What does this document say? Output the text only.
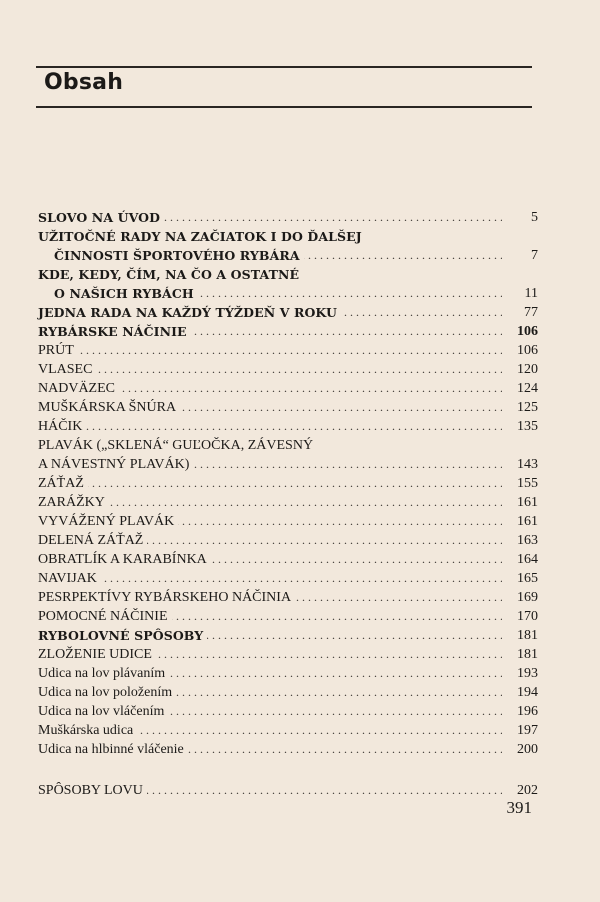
Obsah
. . .
SLOVO NA ÚVOD	5
UŽITOČNÉ RADY NA ZAČIATOK I DO ĎALŠEJ
. . .
ČINNOSTI ŠPORTOVÉHO RYBÁRA	7
KDE, KEDY, ČÍM, NA ČO A OSTATNÉ
. . .
O NAŠICH RYBÁCH	11
. . .
JEDNA RADA NA KAŽDÝ TÝŽDEŇ V ROKU	77
. . .
RYBÁRSKE NÁČINIE	106
. . .
PRÚT	106
. . .
VLASEC	120
. . .
NADVÄZEC	124
. . .
MUŠKÁRSKA ŠNÚRA	125
. . .
HÁČIK	135
PLAVÁK („SKLENÁ“ GUĽOČKA, ZÁVESNÝ
. . .
A NÁVESTNÝ PLAVÁK)	143
. . .
ZÁŤAŽ	155
. . .
ZARÁŽKY	161
. . .
VYVÁŽENÝ PLAVÁK	161
. . .
DELENÁ ZÁŤAŽ	163
. . .
OBRATLÍK A KARABÍNKA	164
. . .
NAVIJAK	165
. . .
PESRPEKTÍVY RYBÁRSKEHO NÁČINIA	169
. . .
POMOCNÉ NÁČINIE	170
. . .
RYBOLOVNÉ SPÔSOBY	181
. . .
ZLOŽENIE UDICE	181
. . .
Udica na lov plávaním	193
. . .
Udica na lov položením	194
. . .
Udica na lov vláčením	196
. . .
Muškárska udica	197
. . .
Udica na hlbinné vláčenie	200
. . .
SPÔSOBY LOVU	202
391
